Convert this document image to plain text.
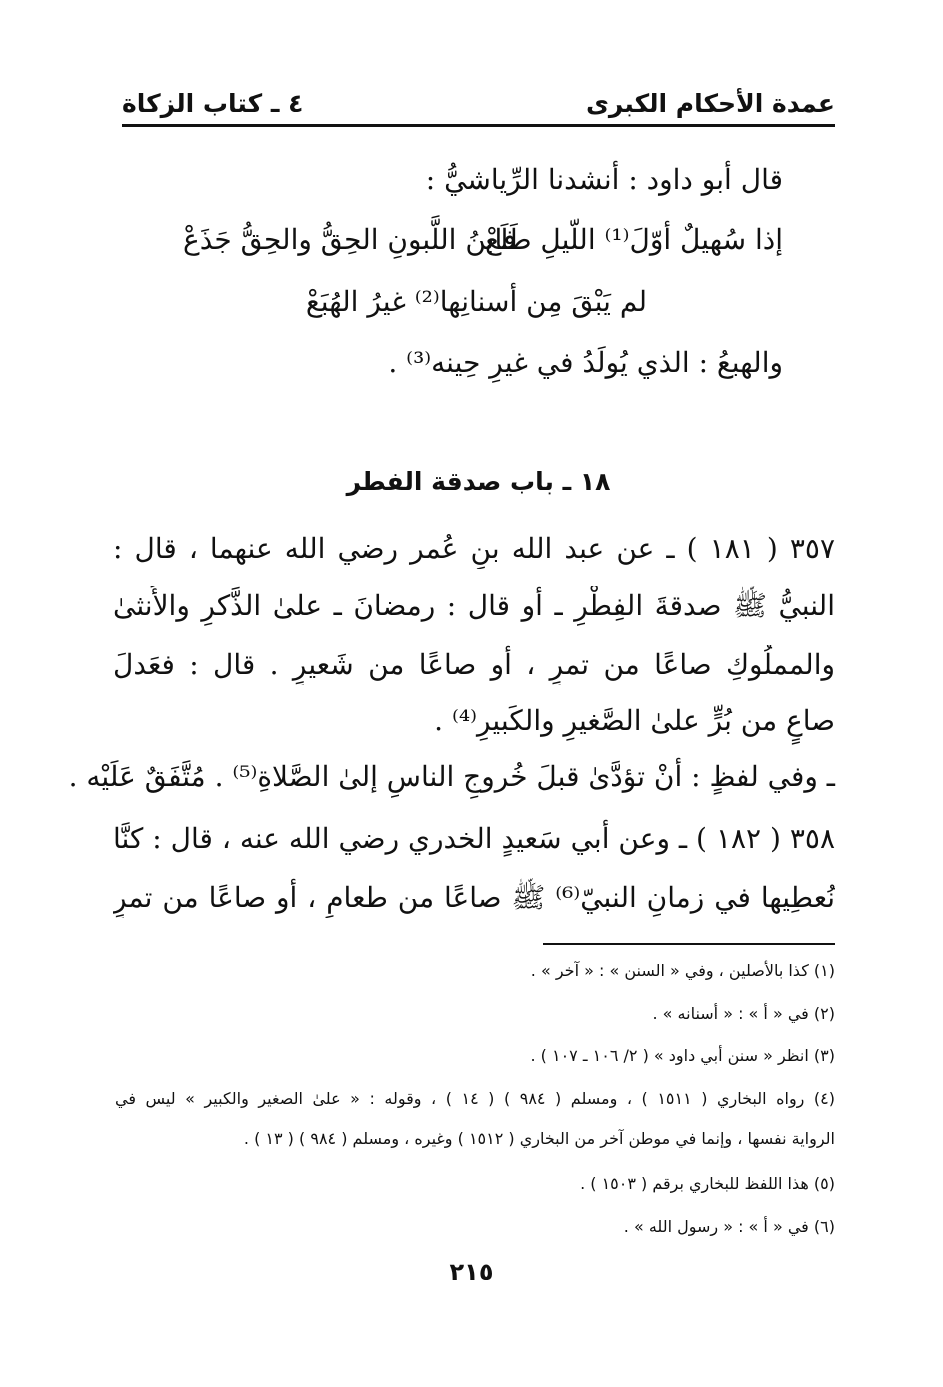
عمدة الأحكام الكبرى
٤ ـ كتاب الزكاة
قال أبو داود : أنشدنا الرِّياشيُّ :
إذا سُهيلٌ أوّلَ⁽¹⁾ اللّيلِ طَلَعْ
فابنُ اللَّبونِ الحِقُّ والحِقُّ جَذَعْ
لم يَبْقَ مِن أسنانِها⁽²⁾ غيرُ الهُبَعْ
والهبعُ : الذي يُولَدُ في غيرِ حِينه⁽³⁾ .
١٨ ـ باب صدقة الفطر
٣٥٧ ( ١٨١ ) ـ عن عبد الله بنِ عُمر رضي الله عنهما ، قال :
النبيُّ ﷺ صدقةَ الفِطْرِ ـ أو قال : رمضانَ ـ علىٰ الذَّكرِ والأُنثىٰ
والمملُوكِ صاعًا من تمرٍ ، أو صاعًا من شَعيرٍ . قال : فعَدلَ
صاعٍ من بُرٍّ علىٰ الصَّغيرِ والكَبيرِ⁽⁴⁾ .
ـ وفي لفظٍ : أنْ تؤدَّىٰ قبلَ خُروجِ الناسِ إلىٰ الصَّلاةِ⁽⁵⁾ . مُتَّفَقٌ عَلَيْه .
٣٥٨ ( ١٨٢ ) ـ وعن أبي سَعيدٍ الخدري رضي الله عنه ، قال : كنَّا
نُعطِيها في زمانِ النبيّ⁽⁶⁾ ﷺ صاعًا من طعامٍ ، أو صاعًا من تمرٍ
(١) كذا بالأصلين ، وفي « السنن » : « آخر » .
(٢) في « أ » : « أسنانه » .
(٣) انظر « سنن أبي داود » ( ٢/ ١٠٦ ـ ١٠٧ ) .
(٤) رواه البخاري ( ١٥١١ ) ، ومسلم ( ٩٨٤ ) ( ١٤ ) ، وقوله : « علىٰ الصغير والكبير » ليس في
الرواية نفسها ، وإنما في موطن آخر من البخاري ( ١٥١٢ ) وغيره ، ومسلم ( ٩٨٤ ) ( ١٣ ) .
(٥) هذا اللفظ للبخاري برقم ( ١٥٠٣ ) .
(٦) في « أ » : « رسول الله » .
٢١٥
